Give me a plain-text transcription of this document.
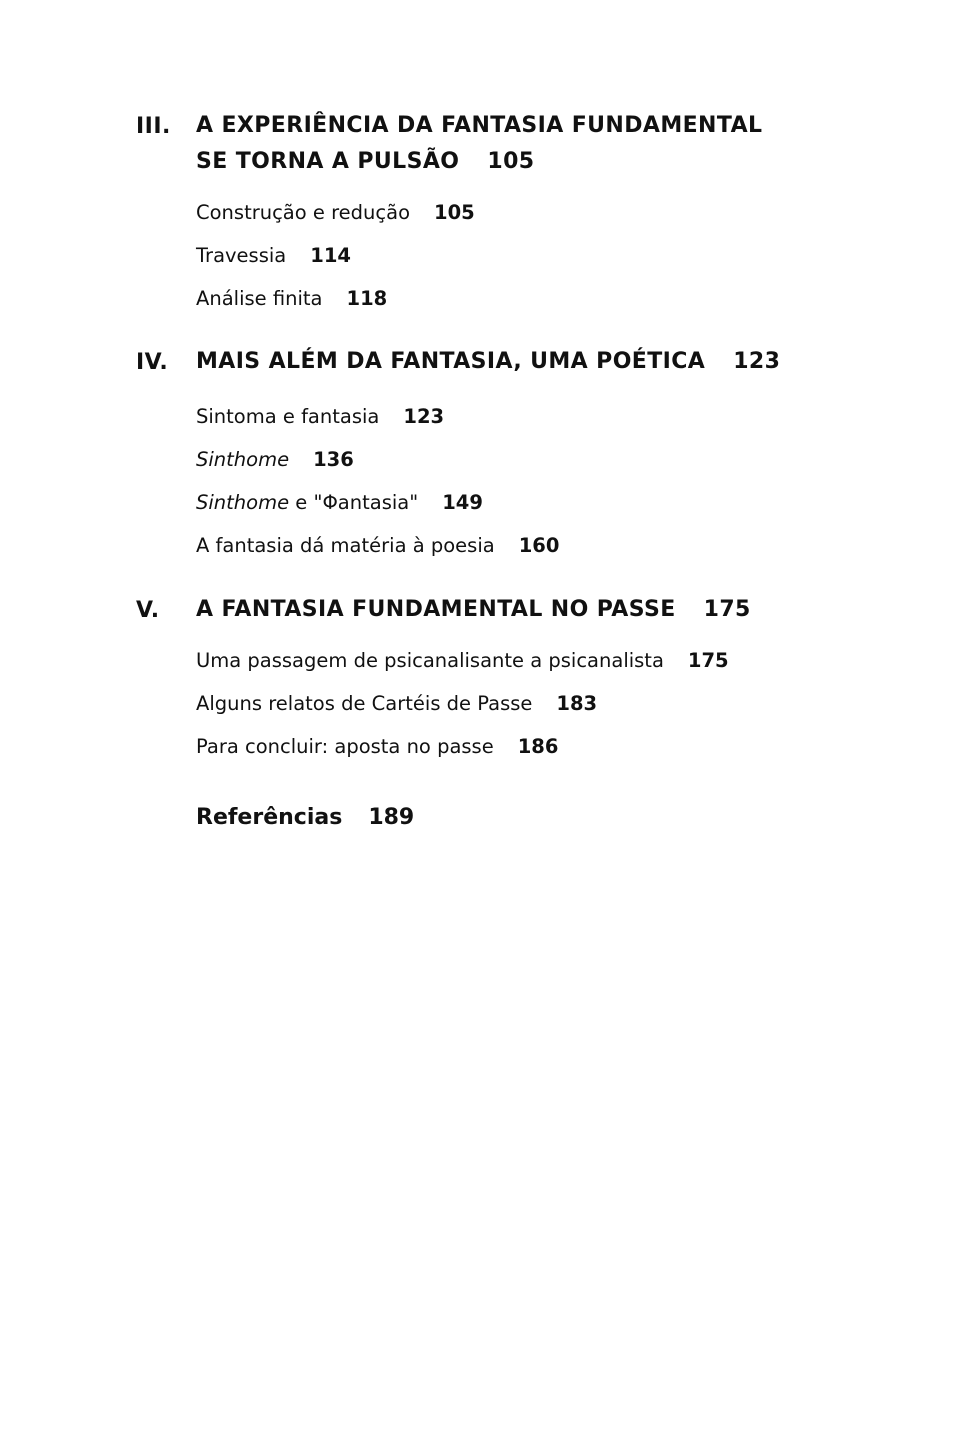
III. A EXPERIÊNCIA DA FANTASIA FUNDAMENTAL
SE TORNA A PULSÃO 105
Construção e redução 105
Travessia 114
Análise finita 118
IV. MAIS ALÉM DA FANTASIA, UMA POÉTICA 123
Sintoma e fantasia 123
Sinthome 136
Sinthome e "Φantasia" 149
A fantasia dá matéria à poesia 160
V. A FANTASIA FUNDAMENTAL NO PASSE 175
Uma passagem de psicanalisante a psicanalista 175
Alguns relatos de Cartéis de Passe 183
Para concluir: aposta no passe 186
Referências 189
